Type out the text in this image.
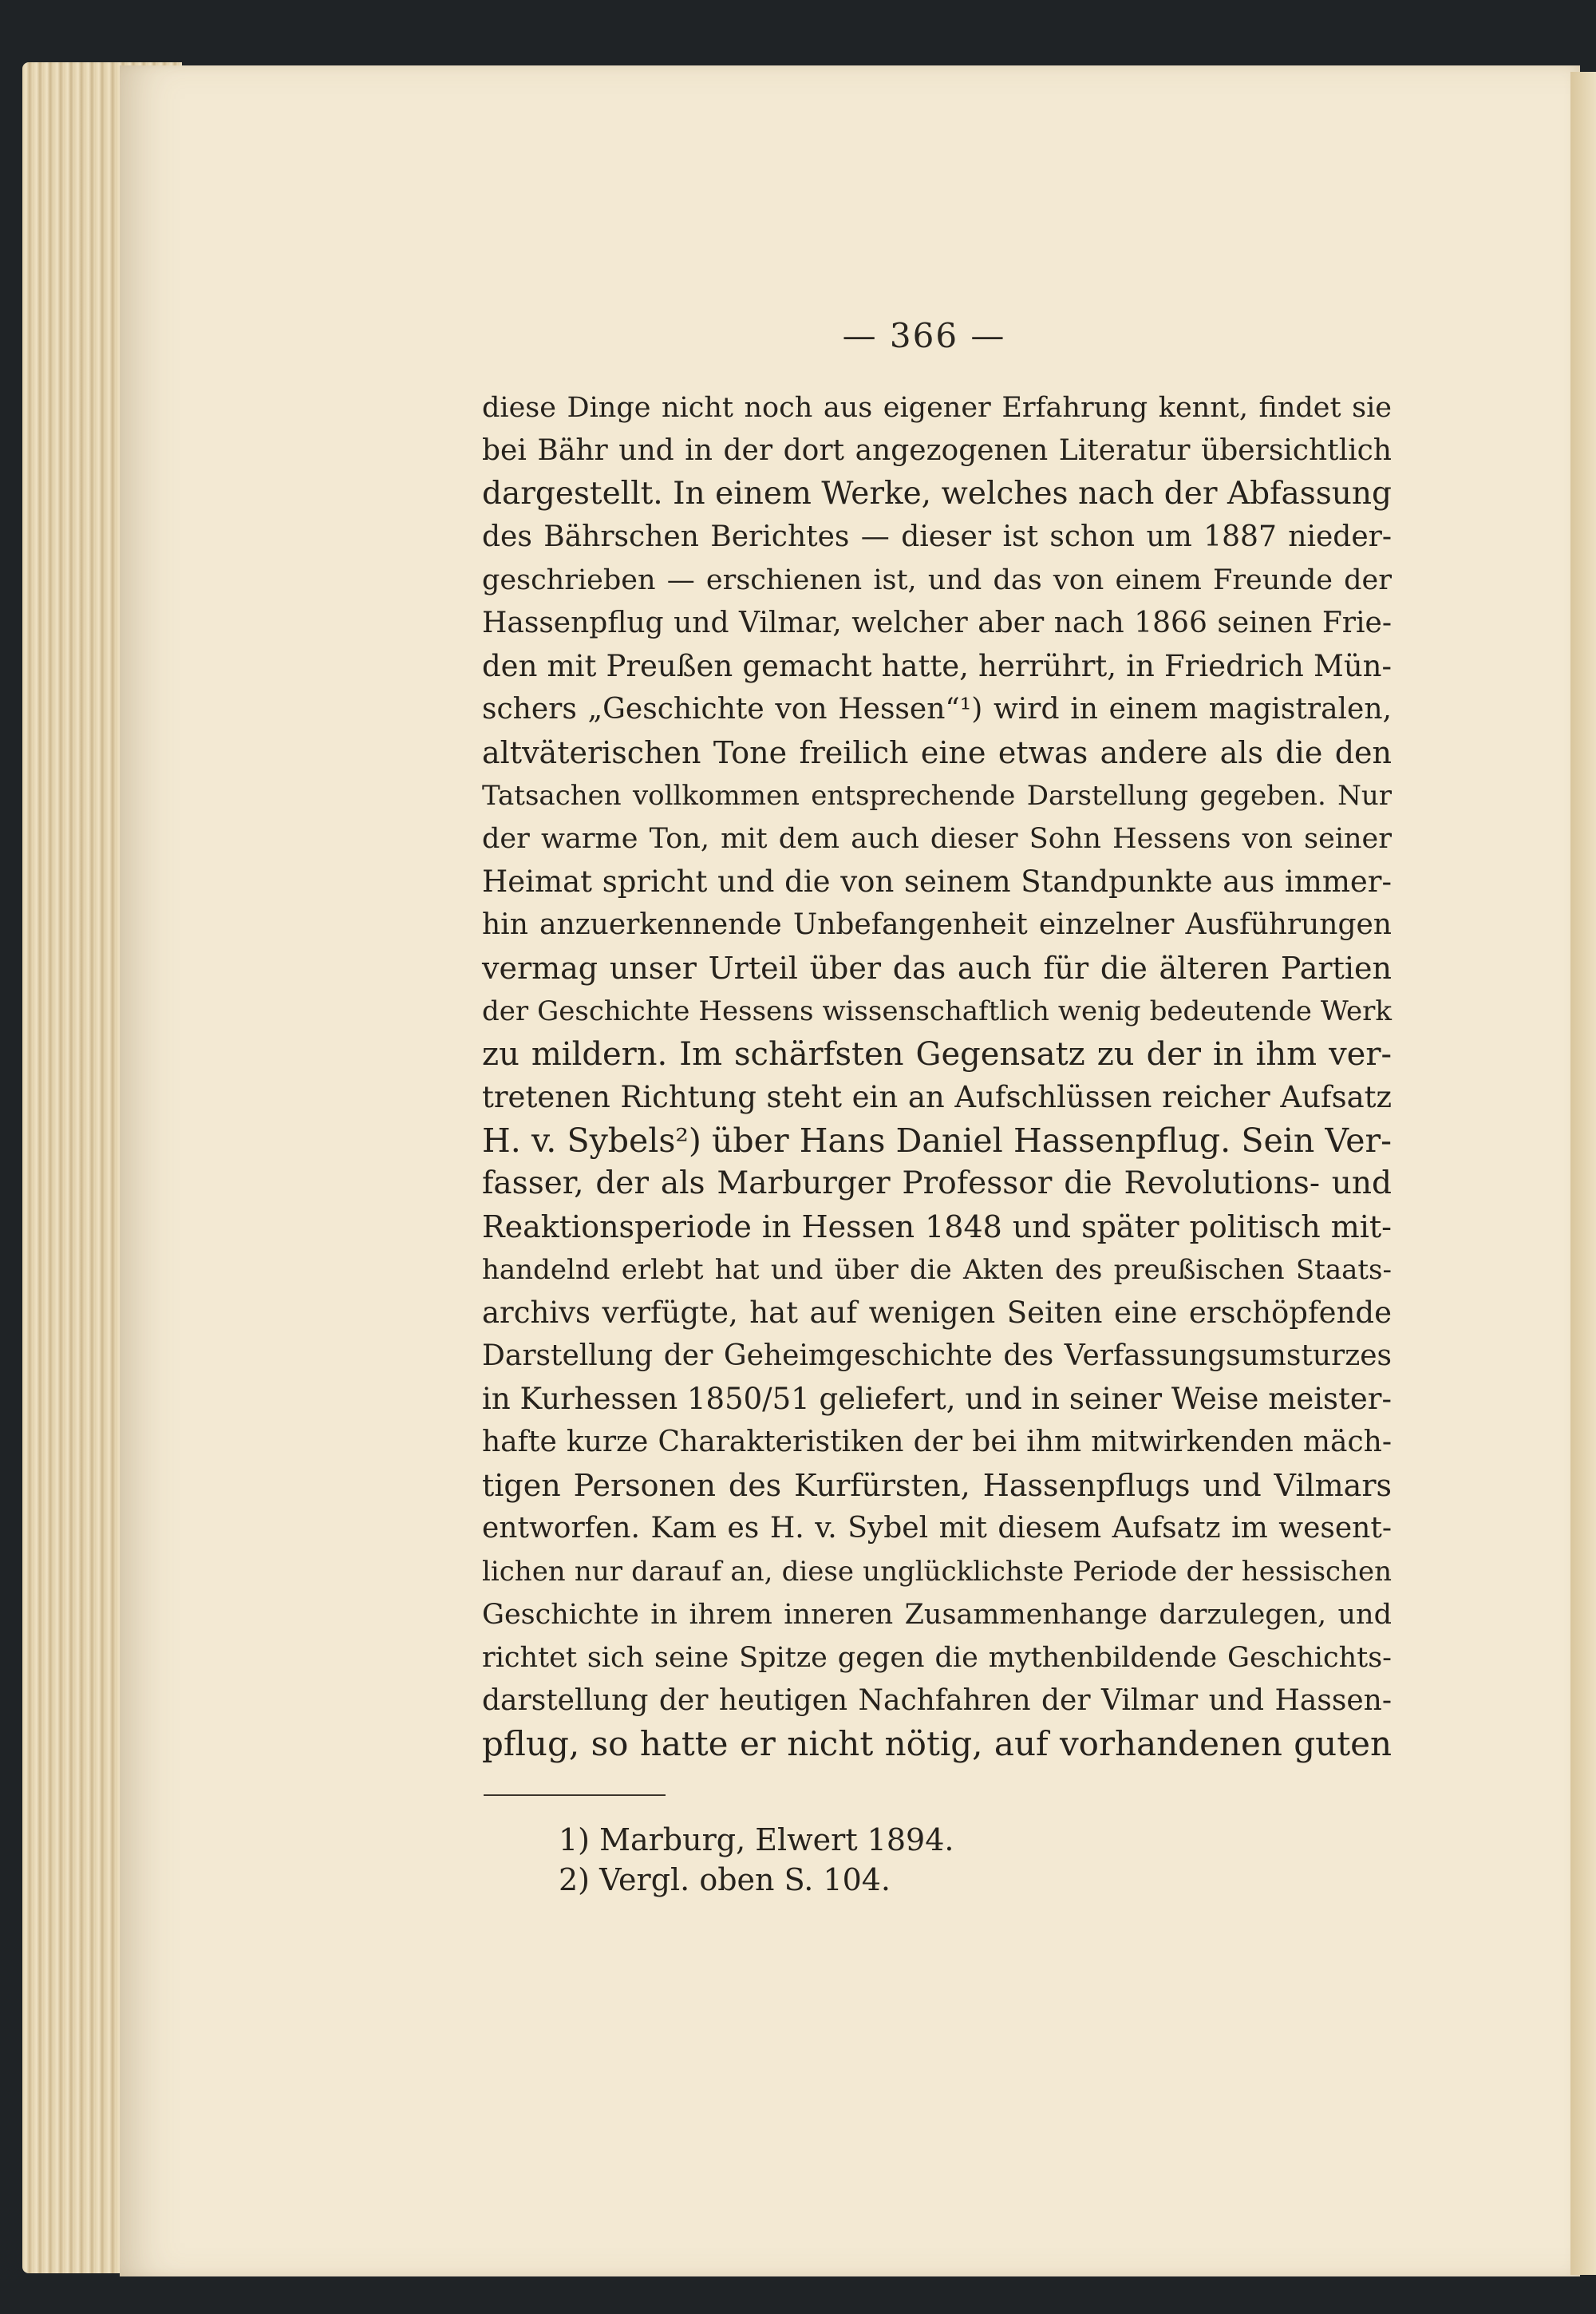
— 366 —
diese Dinge nicht noch aus eigener Erfahrung kennt, findet sie
bei Bähr und in der dort angezogenen Literatur übersichtlich
dargestellt. In einem Werke, welches nach der Abfassung
des Bährschen Berichtes — dieser ist schon um 1887 nieder-
geschrieben — erschienen ist, und das von einem Freunde der
Hassenpflug und Vilmar, welcher aber nach 1866 seinen Frie-
den mit Preußen gemacht hatte, herrührt, in Friedrich Mün-
schers „Geschichte von Hessen“¹) wird in einem magistralen,
altväterischen Tone freilich eine etwas andere als die den
Tatsachen vollkommen entsprechende Darstellung gegeben. Nur
der warme Ton, mit dem auch dieser Sohn Hessens von seiner
Heimat spricht und die von seinem Standpunkte aus immer-
hin anzuerkennende Unbefangenheit einzelner Ausführungen
vermag unser Urteil über das auch für die älteren Partien
der Geschichte Hessens wissenschaftlich wenig bedeutende Werk
zu mildern. Im schärfsten Gegensatz zu der in ihm ver-
tretenen Richtung steht ein an Aufschlüssen reicher Aufsatz
H. v. Sybels²) über Hans Daniel Hassenpflug. Sein Ver-
fasser, der als Marburger Professor die Revolutions- und
Reaktionsperiode in Hessen 1848 und später politisch mit-
handelnd erlebt hat und über die Akten des preußischen Staats-
archivs verfügte, hat auf wenigen Seiten eine erschöpfende
Darstellung der Geheimgeschichte des Verfassungsumsturzes
in Kurhessen 1850/51 geliefert, und in seiner Weise meister-
hafte kurze Charakteristiken der bei ihm mitwirkenden mäch-
tigen Personen des Kurfürsten, Hassenpflugs und Vilmars
entworfen. Kam es H. v. Sybel mit diesem Aufsatz im wesent-
lichen nur darauf an, diese unglücklichste Periode der hessischen
Geschichte in ihrem inneren Zusammenhange darzulegen, und
richtet sich seine Spitze gegen die mythenbildende Geschichts-
darstellung der heutigen Nachfahren der Vilmar und Hassen-
pflug, so hatte er nicht nötig, auf vorhandenen guten
1) Marburg, Elwert 1894.
2) Vergl. oben S. 104.
